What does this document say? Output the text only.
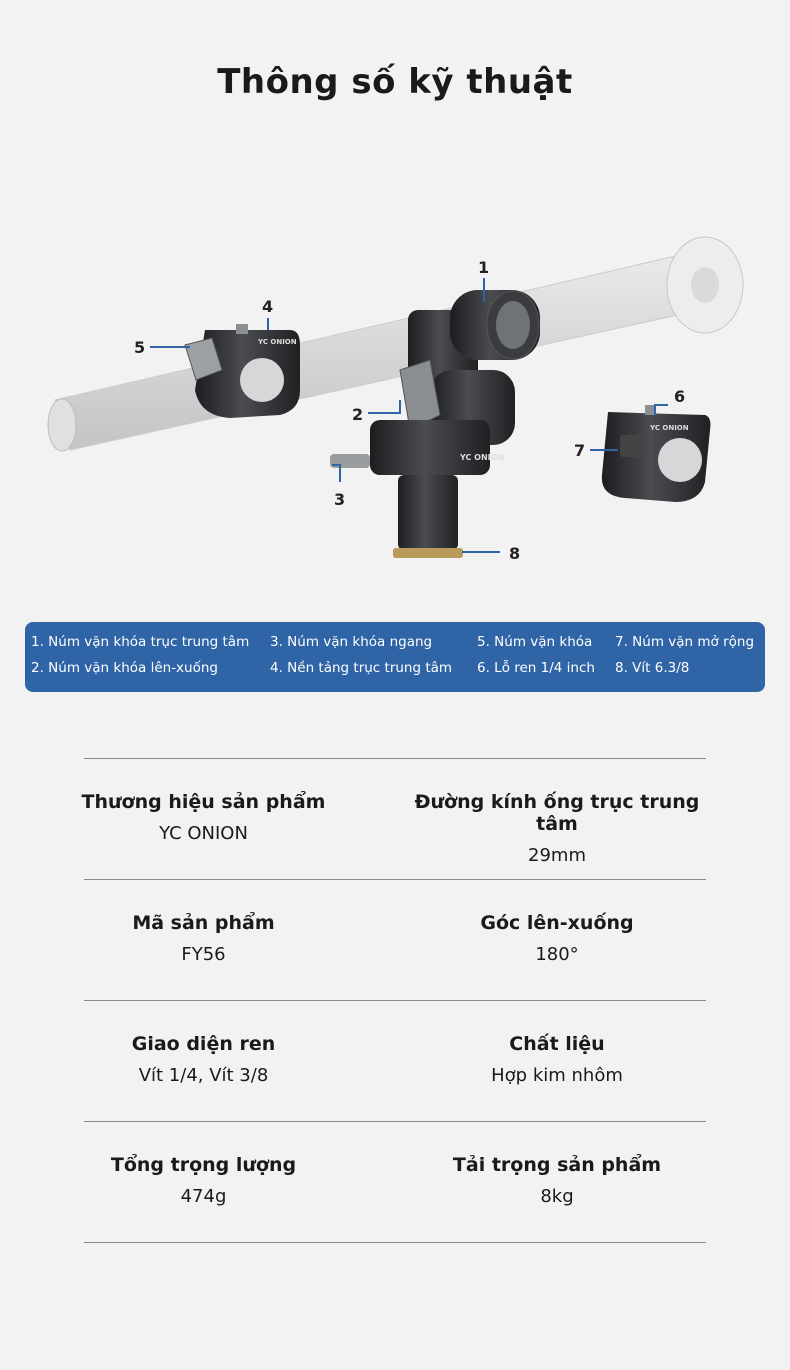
Thông số kỹ thuật
YC ONION
YC ONION
YC ONION
1
2
3
4
5
6
7
8
1. Núm vặn khóa trục trung tâm
2. Núm vặn khóa lên-xuống
3. Núm vặn khóa ngang
4. Nền tảng trục trung tâm
5. Núm vặn khóa
6. Lỗ ren 1/4 inch
7. Núm vặn mở rộng
8. Vít 6.3/8
Thương hiệu sản phẩm
YC ONION
Đường kính ống trục trung tâm
29mm
Mã sản phẩm
FY56
Góc lên-xuống
180°
Giao diện ren
Vít 1/4, Vít 3/8
Chất liệu
Hợp kim nhôm
Tổng trọng lượng
474g
Tải trọng sản phẩm
8kg
